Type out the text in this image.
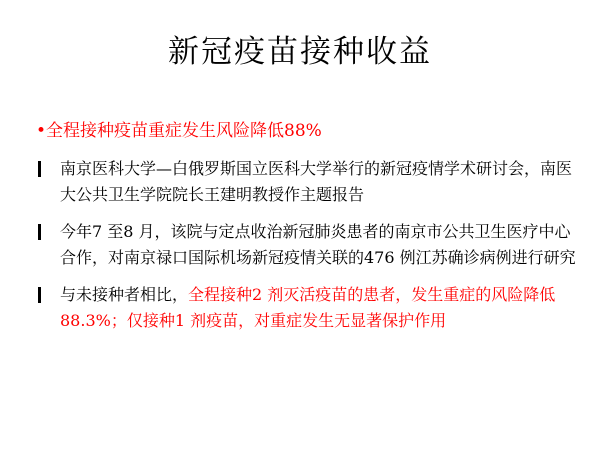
新冠疫苗接种收益
•全程接种疫苗重症发生风险降低88%
南京医科大学—白俄罗斯国立医科大学举行的新冠疫情学术研讨会，南医大公共卫生学院院长王建明教授作主题报告
今年7 至8 月，该院与定点收治新冠肺炎患者的南京市公共卫生医疗中心合作，对南京禄口国际机场新冠疫情关联的476 例江苏确诊病例进行研究
与未接种者相比，全程接种2 剂灭活疫苗的患者，发生重症的风险降低88.3%；仅接种1 剂疫苗，对重症发生无显著保护作用
